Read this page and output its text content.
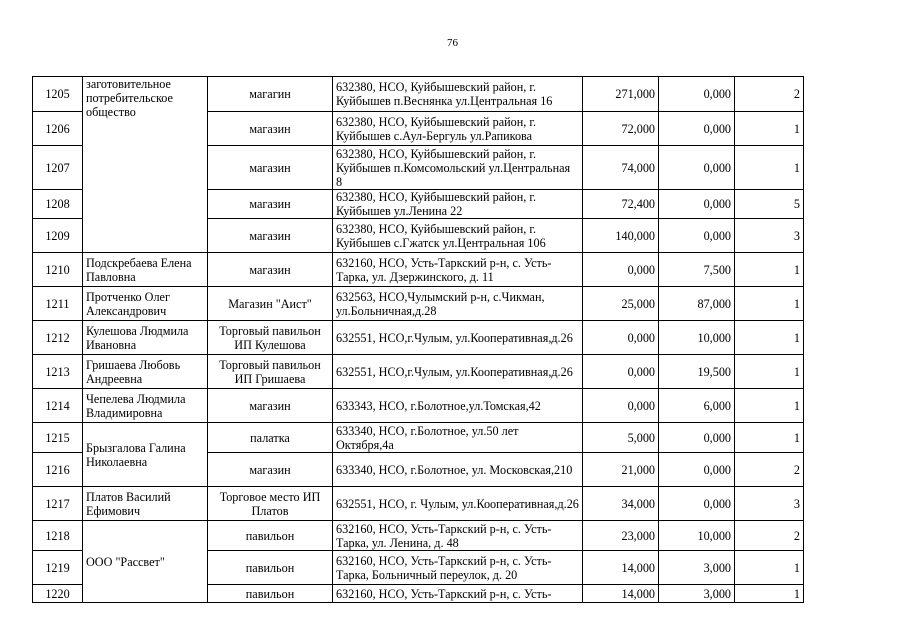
76
1205	заготовительное потребительское общество	магагин	632380, НСО, Куйбышевский район, г. Куйбышев п.Веснянка ул.Центральная 16	271,000	0,000	2
1206		магазин	632380, НСО, Куйбышевский район, г. Куйбышев с.Аул-Бергуль ул.Рапикова	72,000	0,000	1
1207		магазин	632380, НСО, Куйбышевский район, г. Куйбышев п.Комсомольский ул.Центральная 8	74,000	0,000	1
1208		магазин	632380, НСО, Куйбышевский район, г. Куйбышев ул.Ленина 22	72,400	0,000	5
1209		магазин	632380, НСО, Куйбышевский район, г. Куйбышев с.Гжатск ул.Центральная 106	140,000	0,000	3
1210	Подскребаева Елена Павловна	магазин	632160, НСО, Усть-Таркский р-н, с. Усть-Тарка, ул. Дзержинского, д. 11	0,000	7,500	1
1211	Протченко Олег Александрович	Магазин "Аист"	632563, НСО,Чулымский р-н, с.Чикман, ул.Больничная,д.28	25,000	87,000	1
1212	Кулешова Людмила Ивановна	Торговый павильон ИП Кулешова	632551, НСО,г.Чулым, ул.Кооперативная,д.26	0,000	10,000	1
1213	Гришаева Любовь Андреевна	Торговый павильон ИП Гришаева	632551, НСО,г.Чулым, ул.Кооперативная,д.26	0,000	19,500	1
1214	Чепелева Людмила Владимировна	магазин	633343, НСО, г.Болотное,ул.Томская,42	0,000	6,000	1
1215	Брызгалова Галина Николаевна	палатка	633340, НСО, г.Болотное, ул.50 лет Октября,4а	5,000	0,000	1
1216		магазин	633340, НСО, г.Болотное, ул. Московская,210	21,000	0,000	2
1217	Платов Василий Ефимович	Торговое место ИП Платов	632551, НСО, г. Чулым, ул.Кооперативная,д.26	34,000	0,000	3
1218	ООО "Рассвет"	павильон	632160, НСО, Усть-Таркский р-н, с. Усть-Тарка, ул. Ленина, д. 48	23,000	10,000	2
1219		павильон	632160, НСО, Усть-Таркский р-н, с. Усть-Тарка, Больничный переулок, д. 20	14,000	3,000	1
1220		павильон	632160, НСО, Усть-Таркский р-н, с. Усть-	14,000	3,000	1
